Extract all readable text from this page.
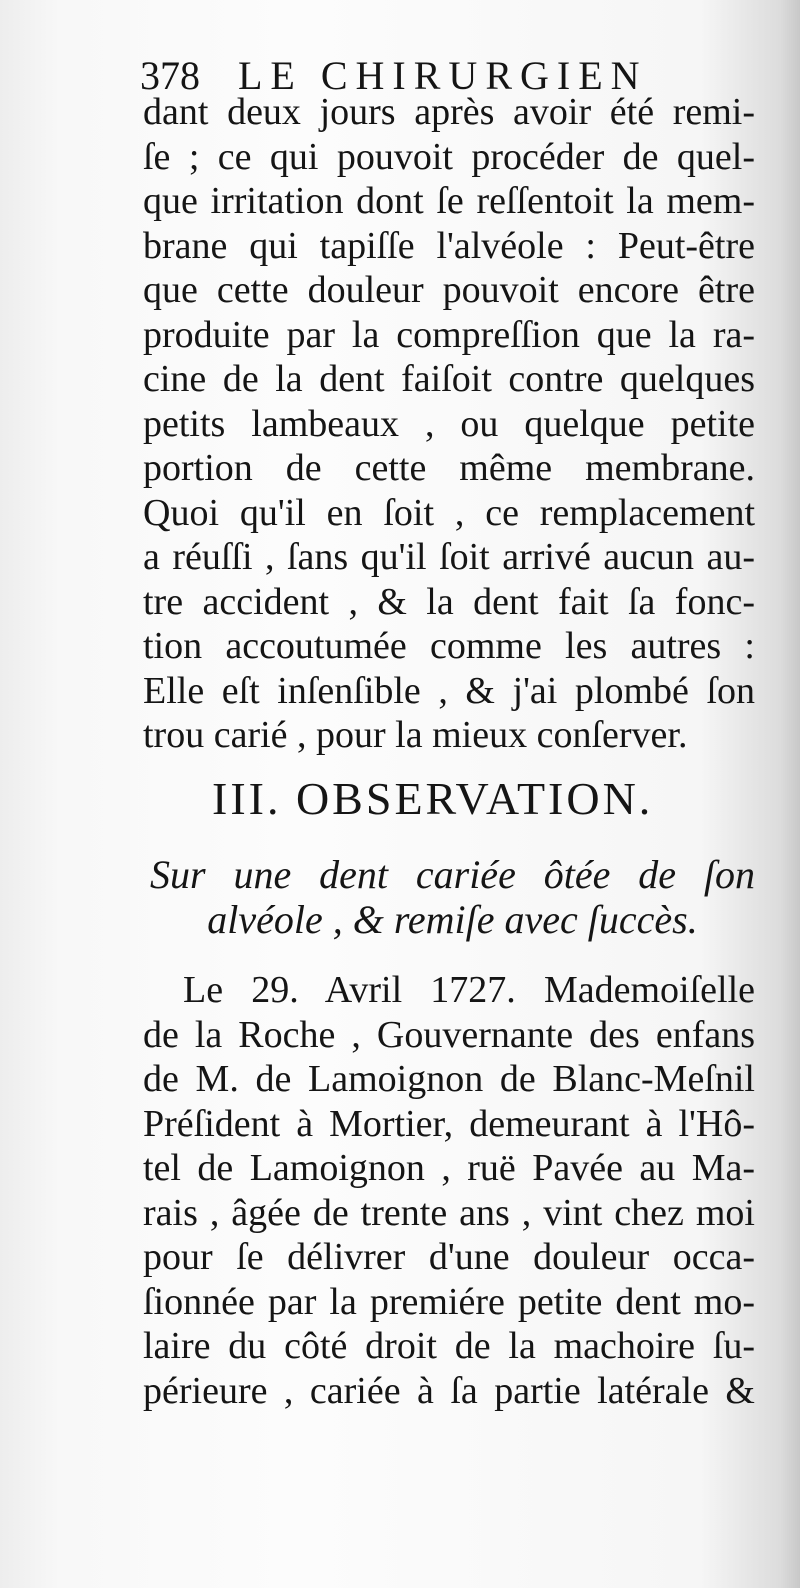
378 LE CHIRURGIEN
dant deux jours après avoir été remi-
ſe ; ce qui pouvoit procéder de quel-
que irritation dont ſe reſſentoit la mem-
brane qui tapiſſe l'alvéole : Peut-être
que cette douleur pouvoit encore être
produite par la compreſſion que la ra-
cine de la dent faiſoit contre quelques
petits lambeaux , ou quelque petite
portion de cette même membrane.
Quoi qu'il en ſoit , ce remplacement
a réuſſi , ſans qu'il ſoit arrivé aucun au-
tre accident , & la dent fait ſa fonc-
tion accoutumée comme les autres :
Elle eſt inſenſible , & j'ai plombé ſon
trou carié , pour la mieux conſerver.
III. OBSERVATION.
Sur une dent cariée ôtée de ſon
alvéole , & remiſe avec ſuccès.
Le 29. Avril 1727. Mademoiſelle
de la Roche , Gouvernante des enfans
de M. de Lamoignon de Blanc-Meſnil
Préſident à Mortier, demeurant à l'Hô-
tel de Lamoignon , ruë Pavée au Ma-
rais , âgée de trente ans , vint chez moi
pour ſe délivrer d'une douleur occa-
ſionnée par la premiére petite dent mo-
laire du côté droit de la machoire ſu-
périeure , cariée à ſa partie latérale &
